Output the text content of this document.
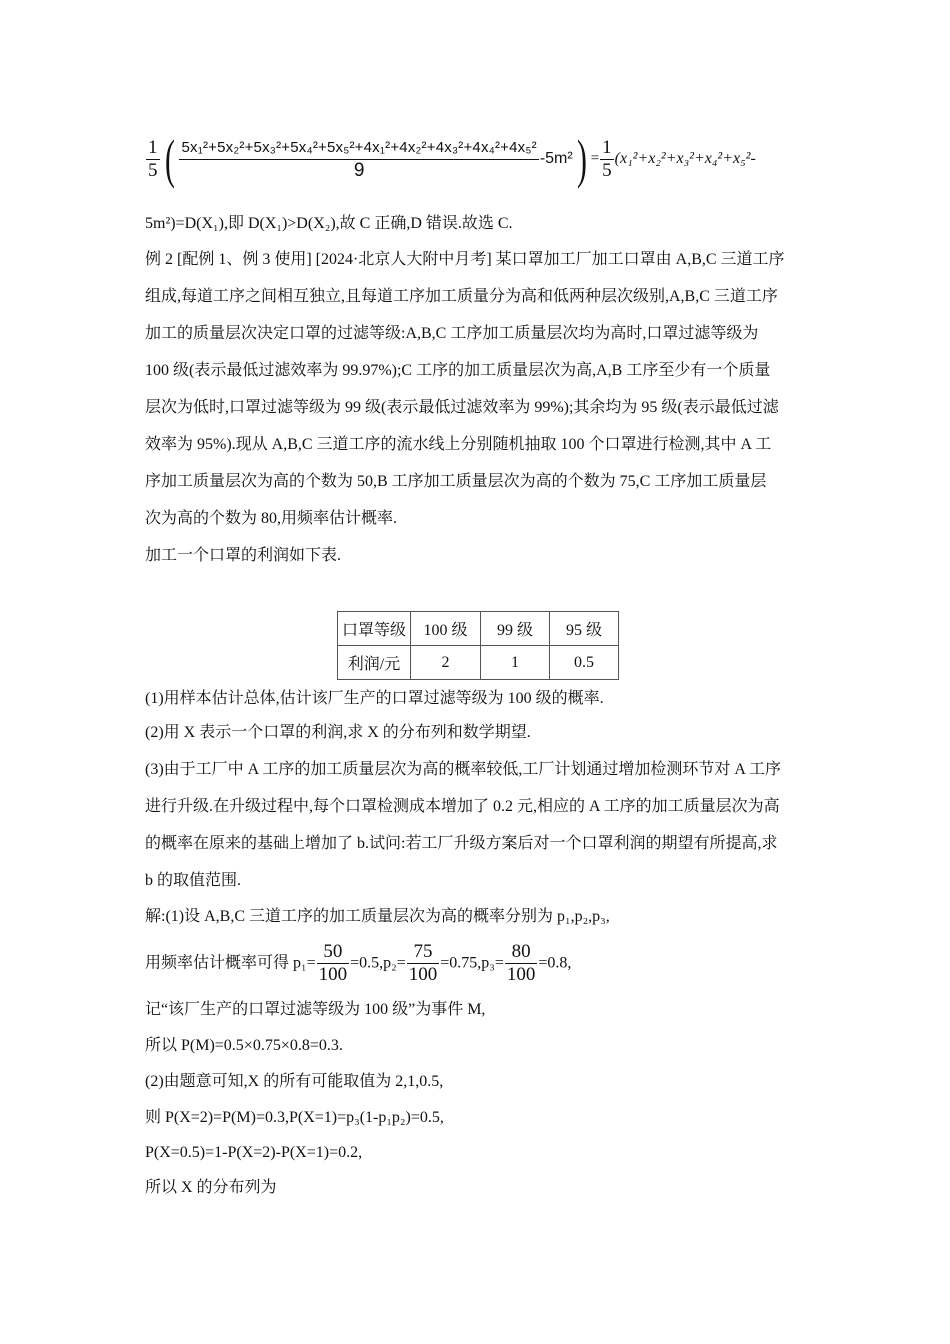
$\frac{1}{5}$ ( $\frac{\text{5x₁²+5x₂²+5x₃²+5x₄²+5x₅²+4x₁²+4x₂²+4x₃²+4x₄²+4x₅²}}{9} -5m^2) = \frac{1}{5} (x_1^2+x_2^2+x_3^2+x_4^2+x_5^2-$
5m²)=D(X₁),即 D(X₁)>D(X₂),故 C 正确,D 错误.故选 C.
例 2 [配例 1、例 3 使用] [2024·北京人大附中月考] 某口罩加工厂加工口罩由 A,B,C 三道工序
组成,每道工序之间相互独立,且每道工序加工质量分为高和低两种层次级别,A,B,C 三道工序
加工的质量层次决定口罩的过滤等级:A,B,C 工序加工质量层次均为高时,口罩过滤等级为
100 级(表示最低过滤效率为 99.97%);C 工序的加工质量层次为高,A,B 工序至少有一个质量
层次为低时,口罩过滤等级为 99 级(表示最低过滤效率为 99%);其余均为 95 级(表示最低过滤
效率为 95%).现从 A,B,C 三道工序的流水线上分别随机抽取 100 个口罩进行检测,其中 A 工
序加工质量层次为高的个数为 50,B 工序加工质量层次为高的个数为 75,C 工序加工质量层
次为高的个数为 80,用频率估计概率.
加工一个口罩的利润如下表.
口罩等级	100 级	99 级	95 级
利润/元	2	1	0.5
(1)用样本估计总体,估计该厂生产的口罩过滤等级为 100 级的概率.
(2)用 X 表示一个口罩的利润,求 X 的分布列和数学期望.
(3)由于工厂中 A 工序的加工质量层次为高的概率较低,工厂计划通过增加检测环节对 A 工序
进行升级.在升级过程中,每个口罩检测成本增加了 0.2 元,相应的 A 工序的加工质量层次为高
的概率在原来的基础上增加了 b.试问:若工厂升级方案后对一个口罩利润的期望有所提高,求
b 的取值范围.
解:(1)设 A,B,C 三道工序的加工质量层次为高的概率分别为 p₁,p₂,p₃,
用频率估计概率可得 $p_1= \frac{50}{100} =0.5,p_2= \frac{75}{100} =0.75,p_3= \frac{80}{100} =0.8$,
记“该厂生产的口罩过滤等级为 100 级”为事件 M,
所以 P(M)=0.5×0.75×0.8=0.3.
(2)由题意可知,X 的所有可能取值为 2,1,0.5,
则 P(X=2)=P(M)=0.3,P(X=1)=p₃(1-p₁p₂)=0.5,
P(X=0.5)=1-P(X=2)-P(X=1)=0.2,
所以 X 的分布列为
